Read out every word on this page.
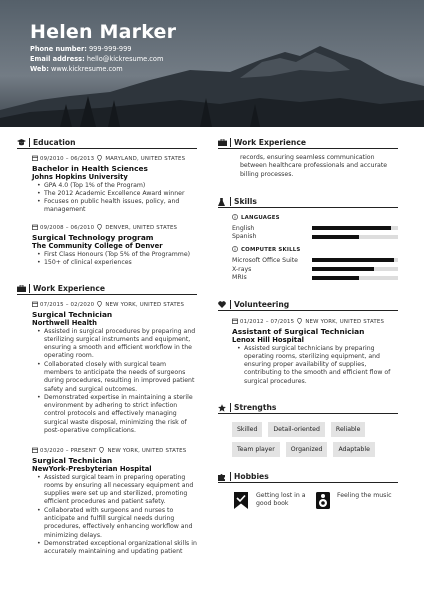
Helen Marker
Phone number: 999-999-999
Email address: hello@kickresume.com
Web: www.kickresume.com
Education
09/2010 – 06/2013 MARYLAND, UNITED STATES
Bachelor in Health Sciences
Johns Hopkins University
• GPA 4.0 (Top 1% of the Program)
• The 2012 Academic Excellence Award winner
• Focuses on public health issues, policy, and management
09/2008 – 06/2010 DENVER, UNITED STATES
Surgical Technology program
The Community College of Denver
• First Class Honours (Top 5% of the Programme)
• 150+ of clinical experiences
Work Experience
07/2015 – 02/2020 NEW YORK, UNITED STATES
Surgical Technician
Northwell Health
• Assisted in surgical procedures by preparing and sterilizing surgical instruments and equipment, ensuring a smooth and efficient workflow in the operating room.
• Collaborated closely with surgical team members to anticipate the needs of surgeons during procedures, resulting in improved patient safety and surgical outcomes.
• Demonstrated expertise in maintaining a sterile environment by adhering to strict infection control protocols and effectively managing surgical waste disposal, minimizing the risk of post-operative complications.
03/2020 – PRESENT NEW YORK, UNITED STATES
Surgical Technician
NewYork-Presbyterian Hospital
• Assisted surgical team in preparing operating rooms by ensuring all necessary equipment and supplies were set up and sterilized, promoting efficient procedures and patient safety.
• Collaborated with surgeons and nurses to anticipate and fulfill surgical needs during procedures, effectively enhancing workflow and minimizing delays.
• Demonstrated exceptional organizational skills in accurately maintaining and updating patient
Work Experience
records, ensuring seamless communication between healthcare professionals and accurate billing processes.
Skills
LANGUAGES
English
Spanish
COMPUTER SKILLS
Microsoft Office Suite
X-rays
MRIs
Volunteering
01/2012 – 07/2015 NEW YORK, UNITED STATES
Assistant of Surgical Technician
Lenox Hill Hospital
• Assisted surgical technicians by preparing operating rooms, sterilizing equipment, and ensuring proper availability of supplies, contributing to the smooth and efficient flow of surgical procedures.
Strengths
Skilled	Detail-oriented	Reliable
Team player	Organized	Adaptable
Hobbies
Getting lost in a good book
Feeling the music
